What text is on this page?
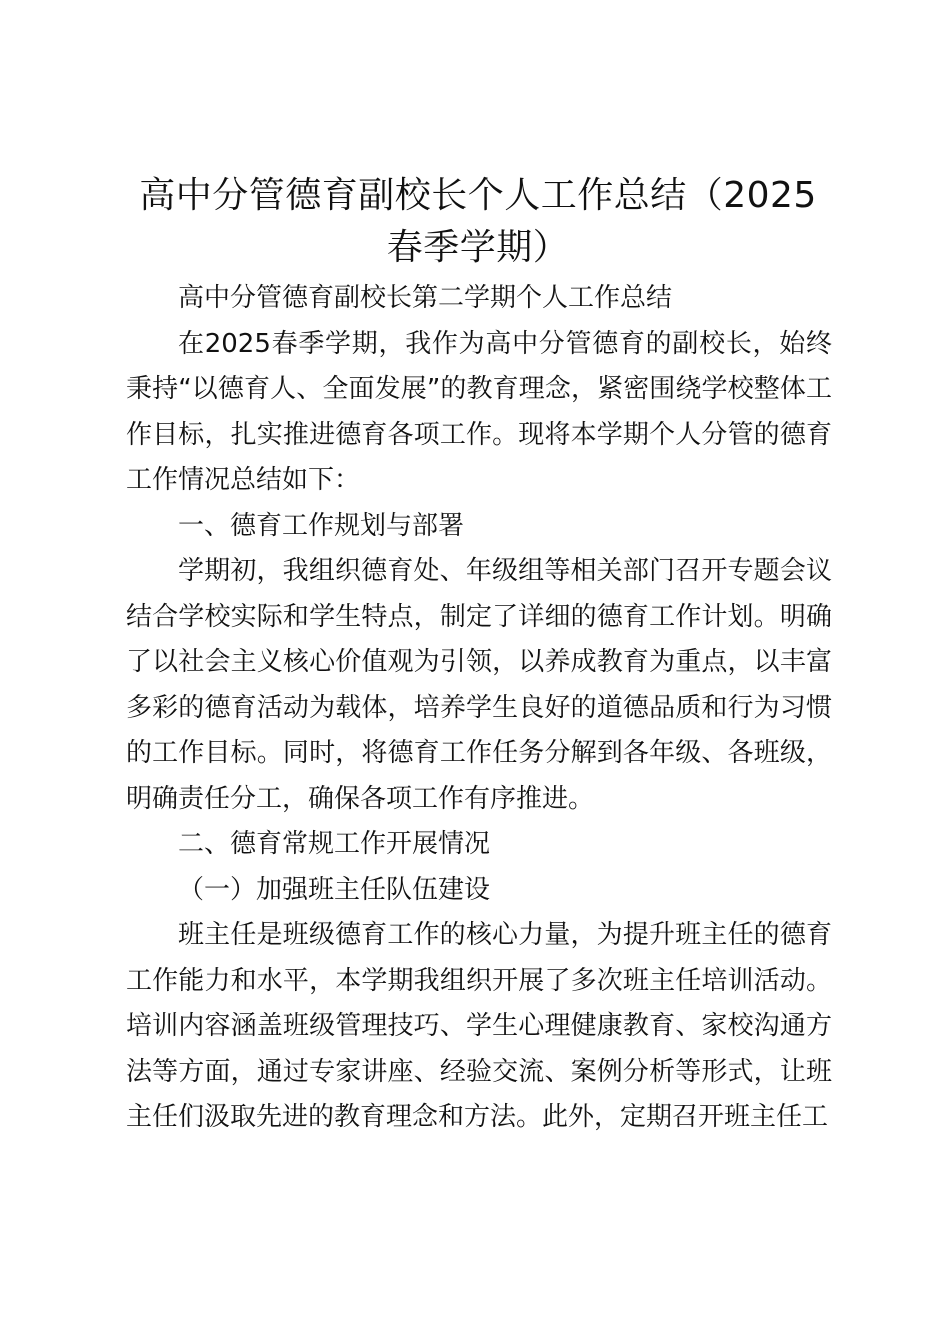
高中分管德育副校长个人工作总结（2025春季学期）

高中分管德育副校长第二学期个人工作总结

在2025春季学期，我作为高中分管德育的副校长，始终秉持“以德育人、全面发展”的教育理念，紧密围绕学校整体工作目标，扎实推进德育各项工作。现将本学期个人分管的德育工作情况总结如下：

一、德育工作规划与部署

学期初，我组织德育处、年级组等相关部门召开专题会议结合学校实际和学生特点，制定了详细的德育工作计划。明确了以社会主义核心价值观为引领，以养成教育为重点，以丰富多彩的德育活动为载体，培养学生良好的道德品质和行为习惯的工作目标。同时，将德育工作任务分解到各年级、各班级，明确责任分工，确保各项工作有序推进。

二、德育常规工作开展情况

（一）加强班主任队伍建设

班主任是班级德育工作的核心力量，为提升班主任的德育工作能力和水平，本学期我组织开展了多次班主任培训活动。培训内容涵盖班级管理技巧、学生心理健康教育、家校沟通方法等方面，通过专家讲座、经验交流、案例分析等形式，让班主任们汲取先进的教育理念和方法。此外，定期召开班主任工
